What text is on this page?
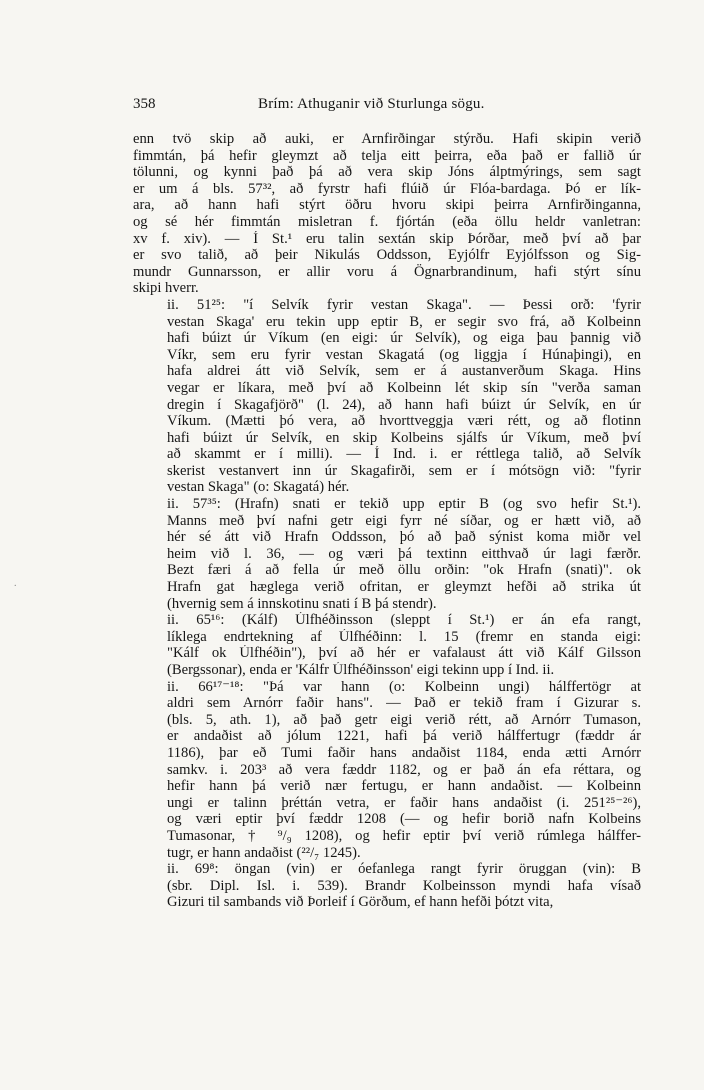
358	Brím: Athuganir við Sturlunga sögu.

enn tvö skip að auki, er Arnfirðingar stýrðu. Hafi skipin verið
fimmtán, þá hefir gleymzt að telja eitt þeirra, eða það er fallið úr
tölunni, og kynni það þá að vera skip Jóns álptmýrings, sem sagt
er um á bls. 57³², að fyrstr hafi flúið úr Flóa-bardaga. Þó er lík-
ara, að hann hafi stýrt öðru hvoru skipi þeirra Arnfirðinganna,
og sé hér fimmtán misletran f. fjórtán (eða öllu heldr vanletran:
xv f. xiv). — Í St.¹ eru talin sextán skip Þórðar, með því að þar
er svo talið, að þeir Nikulás Oddsson, Eyjólfr Eyjólfsson og Sig-
mundr Gunnarsson, er allir voru á Ögnarbrandinum, hafi stýrt sínu
skipi hverr.

ii. 51²⁵: "í Selvík fyrir vestan Skaga". — Þessi orð: 'fyrir
vestan Skaga' eru tekin upp eptir B, er segir svo frá, að Kolbeinn
hafi búizt úr Víkum (en eigi: úr Selvík), og eiga þau þannig við
Víkr, sem eru fyrir vestan Skagatá (og liggja í Húnaþingi), en
hafa aldrei átt við Selvík, sem er á austanverðum Skaga. Hins
vegar er líkara, með því að Kolbeinn lét skip sín "verða saman
dregin í Skagafjörð" (l. 24), að hann hafi búizt úr Selvík, en úr
Víkum. (Mætti þó vera, að hvorttveggja væri rétt, og að flotinn
hafi búizt úr Selvík, en skip Kolbeins sjálfs úr Víkum, með því
að skammt er í milli). — Í Ind. i. er réttlega talið, að Selvík
skerist vestanvert inn úr Skagafirði, sem er í mótsögn við: "fyrir
vestan Skaga" (o: Skagatá) hér.

ii. 57³⁵: (Hrafn) snati er tekið upp eptir B (og svo hefir St.¹).
Manns með því nafni getr eigi fyrr né síðar, og er hætt við, að
hér sé átt við Hrafn Oddsson, þó að það sýnist koma miðr vel
heim við l. 36, — og væri þá textinn eitthvað úr lagi færðr.
Bezt færi á að fella úr með öllu orðin: "ok Hrafn (snati)". ok
Hrafn gat hæglega verið ofritan, er gleymzt hefði að strika út
(hvernig sem á innskotinu snati í B þá stendr).

ii. 65¹⁶: (Kálf) Úlfhéðinsson (sleppt í St.¹) er án efa rangt,
líklega endrtekning af Úlfhéðinn: l. 15 (fremr en standa eigi:
"Kálf ok Úlfhéðin"), því að hér er vafalaust átt við Kálf Gilsson
(Bergssonar), enda er 'Kálfr Úlfhéðinsson' eigi tekinn upp í Ind. ii.

ii. 66¹⁷⁻¹⁸: "Þá var hann (o: Kolbeinn ungi) hálffertögr at
aldri sem Arnórr faðir hans". — Það er tekið fram í Gizurar s.
(bls. 5, ath. 1), að það getr eigi verið rétt, að Arnórr Tumason,
er andaðist að jólum 1221, hafi þá verið hálffertugr (fæddr ár
1186), þar eð Tumi faðir hans andaðist 1184, enda ætti Arnórr
samkv. i. 203³ að vera fæddr 1182, og er það án efa réttara, og
hefir hann þá verið nær fertugu, er hann andaðist. — Kolbeinn
ungi er talinn þréttán vetra, er faðir hans andaðist (i. 251²⁵⁻²⁶),
og væri eptir því fæddr 1208 (— og hefir borið nafn Kolbeins
Tumasonar, † ⁹/₉ 1208), og hefir eptir því verið rúmlega hálffer-
tugr, er hann andaðist (²²/₇ 1245).

ii. 69⁸: öngan (vin) er óefanlega rangt fyrir öruggan (vin): B
(sbr. Dipl. Isl. i. 539). Brandr Kolbeinsson myndi hafa vísað
Gizuri til sambands við Þorleif í Görðum, ef hann hefði þótzt vita,

.
